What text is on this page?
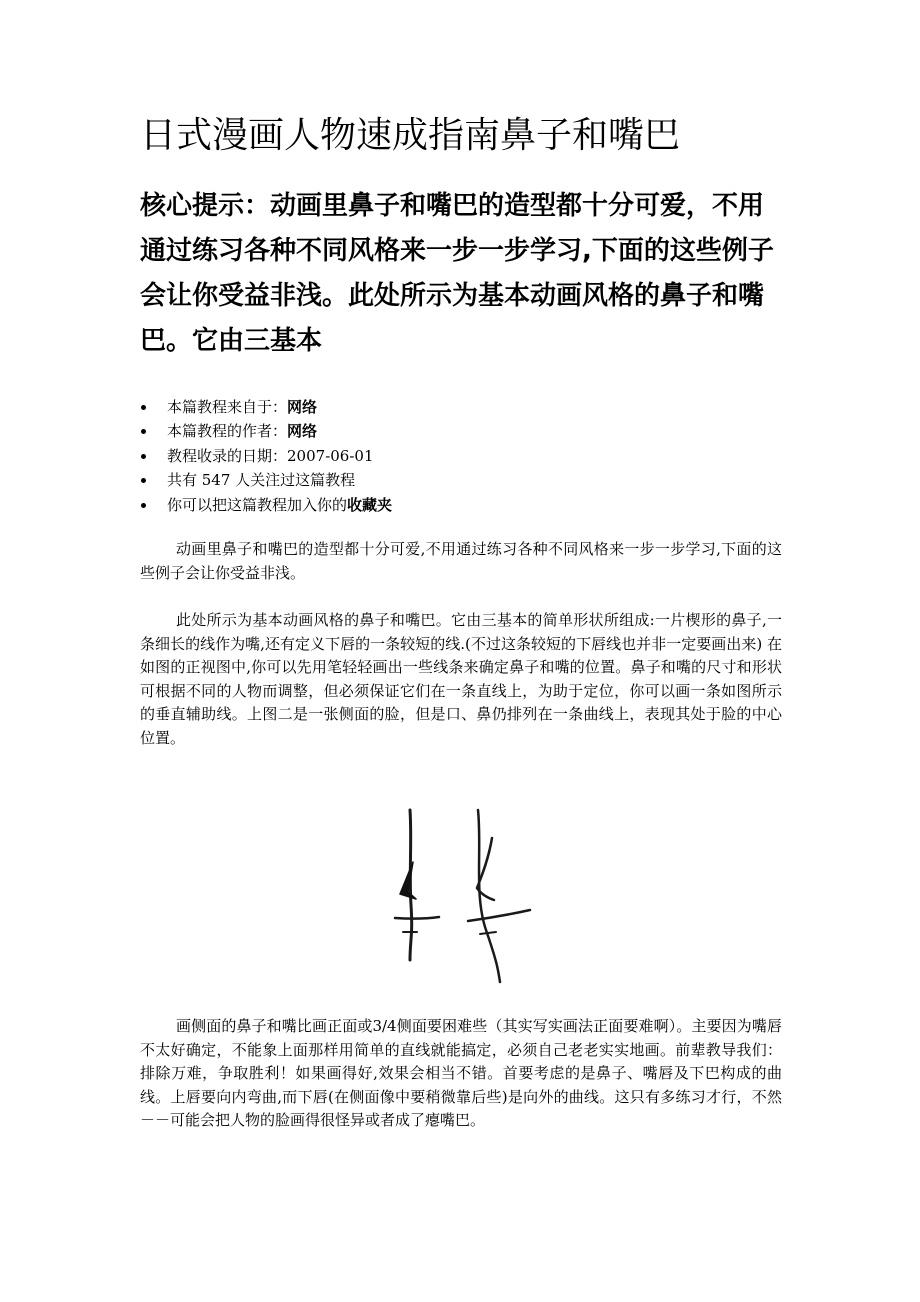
日式漫画人物速成指南鼻子和嘴巴

核心提示：动画里鼻子和嘴巴的造型都十分可爱，不用通过练习各种不同风格来一步一步学习,下面的这些例子会让你受益非浅。此处所示为基本动画风格的鼻子和嘴巴。它由三基本

本篇教程来自于：网络
本篇教程的作者：网络
教程收录的日期：2007-06-01
共有 547 人关注过这篇教程
你可以把这篇教程加入你的收藏夹

动画里鼻子和嘴巴的造型都十分可爱,不用通过练习各种不同风格来一步一步学习,下面的这些例子会让你受益非浅。

此处所示为基本动画风格的鼻子和嘴巴。它由三基本的简单形状所组成:一片楔形的鼻子,一条细长的线作为嘴,还有定义下唇的一条较短的线.(不过这条较短的下唇线也并非一定要画出来) 在如图的正视图中,你可以先用笔轻轻画出一些线条来确定鼻子和嘴的位置。鼻子和嘴的尺寸和形状可根据不同的人物而调整，但必须保证它们在一条直线上，为助于定位，你可以画一条如图所示的垂直辅助线。上图二是一张侧面的脸，但是口、鼻仍排列在一条曲线上，表现其处于脸的中心位置。

画侧面的鼻子和嘴比画正面或3/4侧面要困难些（其实写实画法正面要难啊）。主要因为嘴唇不太好确定，不能象上面那样用简单的直线就能搞定，必须自己老老实实地画。前辈教导我们：排除万难，争取胜利！如果画得好,效果会相当不错。首要考虑的是鼻子、嘴唇及下巴构成的曲线。上唇要向内弯曲,而下唇(在侧面像中要稍微靠后些)是向外的曲线。这只有多练习才行，不然－－可能会把人物的脸画得很怪异或者成了瘪嘴巴。
